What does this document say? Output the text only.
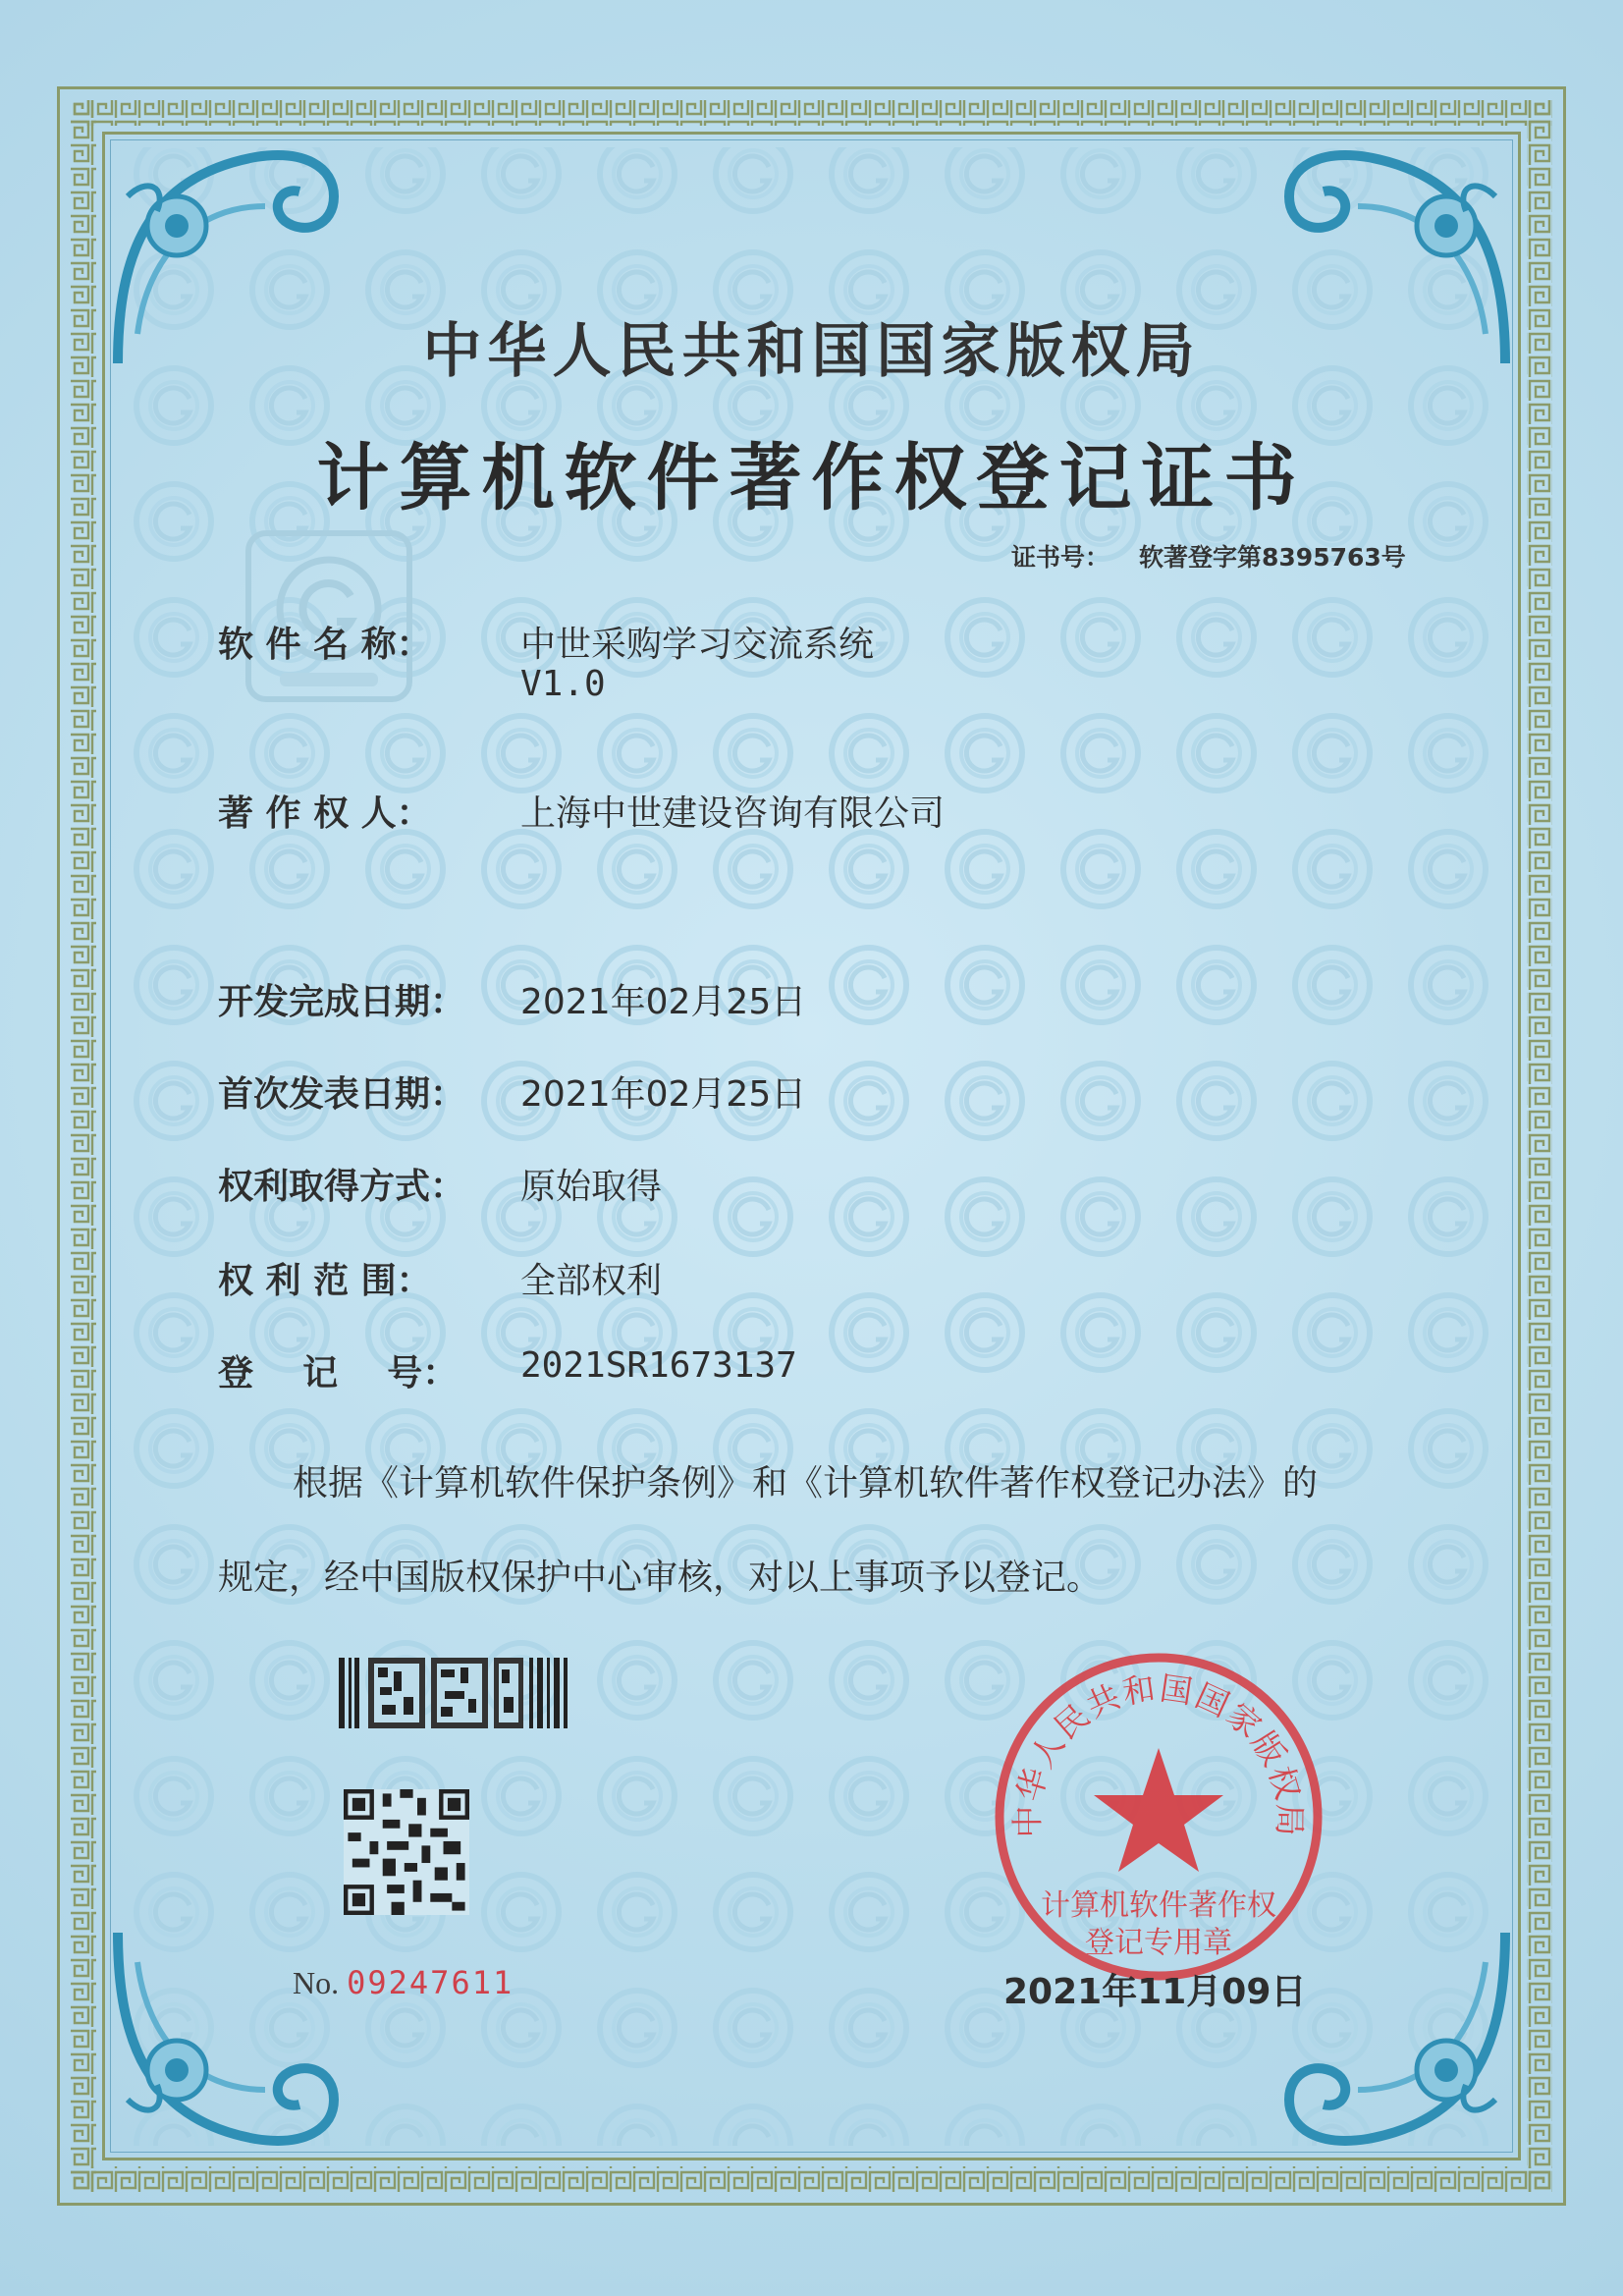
中华人民共和国国家版权局
计算机软件著作权登记证书
证书号： 软著登字第8395763号
软 件 名 称：	中世采购学习交流系统
V1.0
著 作 权 人：	上海中世建设咨询有限公司
开发完成日期： 2021年02月25日
首次发表日期： 2021年02月25日
权利取得方式： 原始取得
权 利 范 围：	全部权利
登    记    号： 2021SR1673137
根据《计算机软件保护条例》和《计算机软件著作权登记办法》的
规定，经中国版权保护中心审核，对以上事项予以登记。
No. 09247611
中华人民共和国国家版权局
计算机软件著作权
登记专用章
2021年11月09日
